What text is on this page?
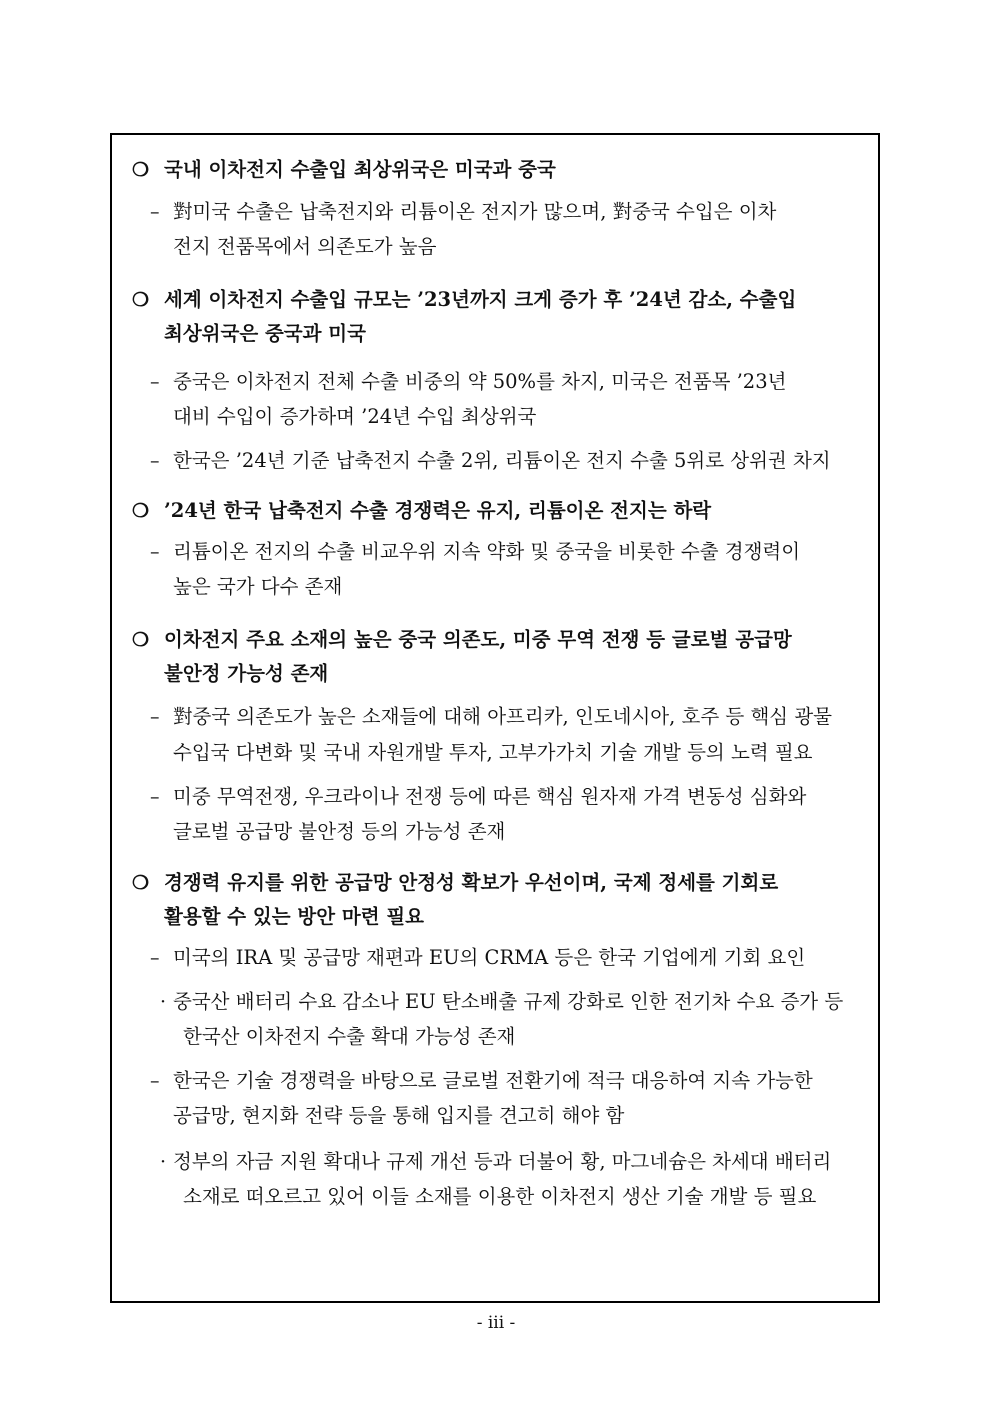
❍ 국내 이차전지 수출입 최상위국은 미국과 중국
– 對미국 수출은 납축전지와 리튬이온 전지가 많으며, 對중국 수입은 이차
전지 전품목에서 의존도가 높음
❍ 세계 이차전지 수출입 규모는 ’23년까지 크게 증가 후 ’24년 감소, 수출입
최상위국은 중국과 미국
– 중국은 이차전지 전체 수출 비중의 약 50%를 차지, 미국은 전품목 ’23년
대비 수입이 증가하며 ’24년 수입 최상위국
– 한국은 ’24년 기준 납축전지 수출 2위, 리튬이온 전지 수출 5위로 상위권 차지
❍ ’24년 한국 납축전지 수출 경쟁력은 유지, 리튬이온 전지는 하락
– 리튬이온 전지의 수출 비교우위 지속 약화 및 중국을 비롯한 수출 경쟁력이
높은 국가 다수 존재
❍ 이차전지 주요 소재의 높은 중국 의존도, 미중 무역 전쟁 등 글로벌 공급망
불안정 가능성 존재
– 對중국 의존도가 높은 소재들에 대해 아프리카, 인도네시아, 호주 등 핵심 광물
수입국 다변화 및 국내 자원개발 투자, 고부가가치 기술 개발 등의 노력 필요
– 미중 무역전쟁, 우크라이나 전쟁 등에 따른 핵심 원자재 가격 변동성 심화와
글로벌 공급망 불안정 등의 가능성 존재
❍ 경쟁력 유지를 위한 공급망 안정성 확보가 우선이며, 국제 정세를 기회로
활용할 수 있는 방안 마련 필요
– 미국의 IRA 및 공급망 재편과 EU의 CRMA 등은 한국 기업에게 기회 요인
· 중국산 배터리 수요 감소나 EU 탄소배출 규제 강화로 인한 전기차 수요 증가 등
한국산 이차전지 수출 확대 가능성 존재
– 한국은 기술 경쟁력을 바탕으로 글로벌 전환기에 적극 대응하여 지속 가능한
공급망, 현지화 전략 등을 통해 입지를 견고히 해야 함
· 정부의 자금 지원 확대나 규제 개선 등과 더불어 황, 마그네슘은 차세대 배터리
소재로 떠오르고 있어 이들 소재를 이용한 이차전지 생산 기술 개발 등 필요
- iii -
